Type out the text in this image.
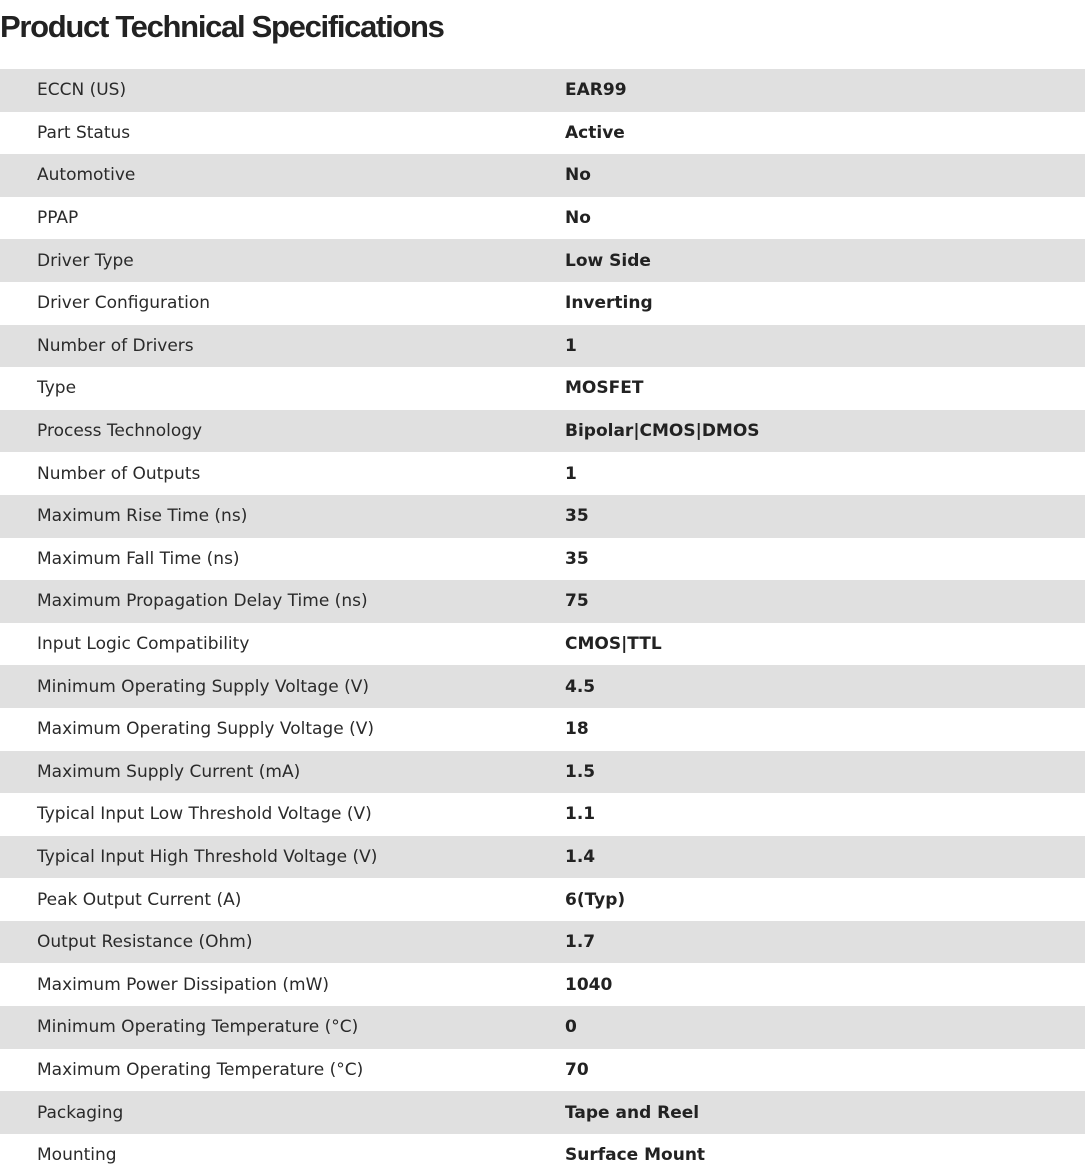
Product Technical Specifications
ECCN (US)	EAR99
Part Status	Active
Automotive	No
PPAP	No
Driver Type	Low Side
Driver Configuration	Inverting
Number of Drivers	1
Type	MOSFET
Process Technology	Bipolar|CMOS|DMOS
Number of Outputs	1
Maximum Rise Time (ns)	35
Maximum Fall Time (ns)	35
Maximum Propagation Delay Time (ns)	75
Input Logic Compatibility	CMOS|TTL
Minimum Operating Supply Voltage (V)	4.5
Maximum Operating Supply Voltage (V)	18
Maximum Supply Current (mA)	1.5
Typical Input Low Threshold Voltage (V)	1.1
Typical Input High Threshold Voltage (V)	1.4
Peak Output Current (A)	6(Typ)
Output Resistance (Ohm)	1.7
Maximum Power Dissipation (mW)	1040
Minimum Operating Temperature (°C)	0
Maximum Operating Temperature (°C)	70
Packaging	Tape and Reel
Mounting	Surface Mount
